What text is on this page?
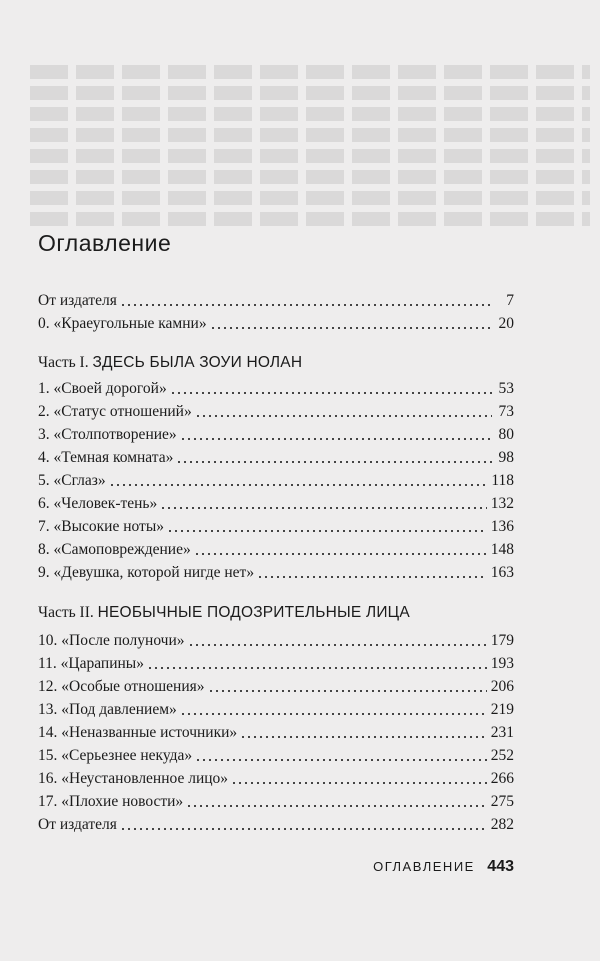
Оглавление
От издателя	7
0. «Краеугольные камни»	20
Часть I. ЗДЕСЬ БЫЛА ЗОУИ НОЛАН
1. «Своей дорогой»	53
2. «Статус отношений»	73
3. «Столпотворение»	80
4. «Темная комната»	98
5. «Сглаз»	118
6. «Человек-тень»	132
7. «Высокие ноты»	136
8. «Самоповреждение»	148
9. «Девушка, которой нигде нет»	163
Часть II. НЕОБЫЧНЫЕ ПОДОЗРИТЕЛЬНЫЕ ЛИЦА
10. «После полуночи»	179
11. «Царапины»	193
12. «Особые отношения»	206
13. «Под давлением»	219
14. «Неназванные источники»	231
15. «Серьезнее некуда»	252
16. «Неустановленное лицо»	266
17. «Плохие новости»	275
От издателя	282
ОГЛАВЛЕНИЕ 443
